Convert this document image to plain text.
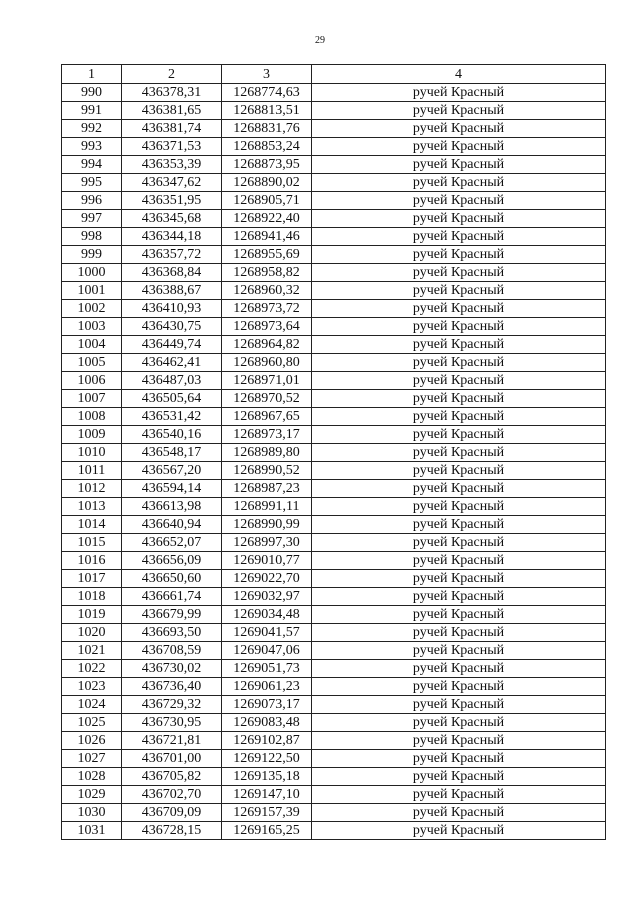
29
1	2	3	4
990	436378,31	1268774,63	ручей Красный
991	436381,65	1268813,51	ручей Красный
992	436381,74	1268831,76	ручей Красный
993	436371,53	1268853,24	ручей Красный
994	436353,39	1268873,95	ручей Красный
995	436347,62	1268890,02	ручей Красный
996	436351,95	1268905,71	ручей Красный
997	436345,68	1268922,40	ручей Красный
998	436344,18	1268941,46	ручей Красный
999	436357,72	1268955,69	ручей Красный
1000	436368,84	1268958,82	ручей Красный
1001	436388,67	1268960,32	ручей Красный
1002	436410,93	1268973,72	ручей Красный
1003	436430,75	1268973,64	ручей Красный
1004	436449,74	1268964,82	ручей Красный
1005	436462,41	1268960,80	ручей Красный
1006	436487,03	1268971,01	ручей Красный
1007	436505,64	1268970,52	ручей Красный
1008	436531,42	1268967,65	ручей Красный
1009	436540,16	1268973,17	ручей Красный
1010	436548,17	1268989,80	ручей Красный
1011	436567,20	1268990,52	ручей Красный
1012	436594,14	1268987,23	ручей Красный
1013	436613,98	1268991,11	ручей Красный
1014	436640,94	1268990,99	ручей Красный
1015	436652,07	1268997,30	ручей Красный
1016	436656,09	1269010,77	ручей Красный
1017	436650,60	1269022,70	ручей Красный
1018	436661,74	1269032,97	ручей Красный
1019	436679,99	1269034,48	ручей Красный
1020	436693,50	1269041,57	ручей Красный
1021	436708,59	1269047,06	ручей Красный
1022	436730,02	1269051,73	ручей Красный
1023	436736,40	1269061,23	ручей Красный
1024	436729,32	1269073,17	ручей Красный
1025	436730,95	1269083,48	ручей Красный
1026	436721,81	1269102,87	ручей Красный
1027	436701,00	1269122,50	ручей Красный
1028	436705,82	1269135,18	ручей Красный
1029	436702,70	1269147,10	ручей Красный
1030	436709,09	1269157,39	ручей Красный
1031	436728,15	1269165,25	ручей Красный
